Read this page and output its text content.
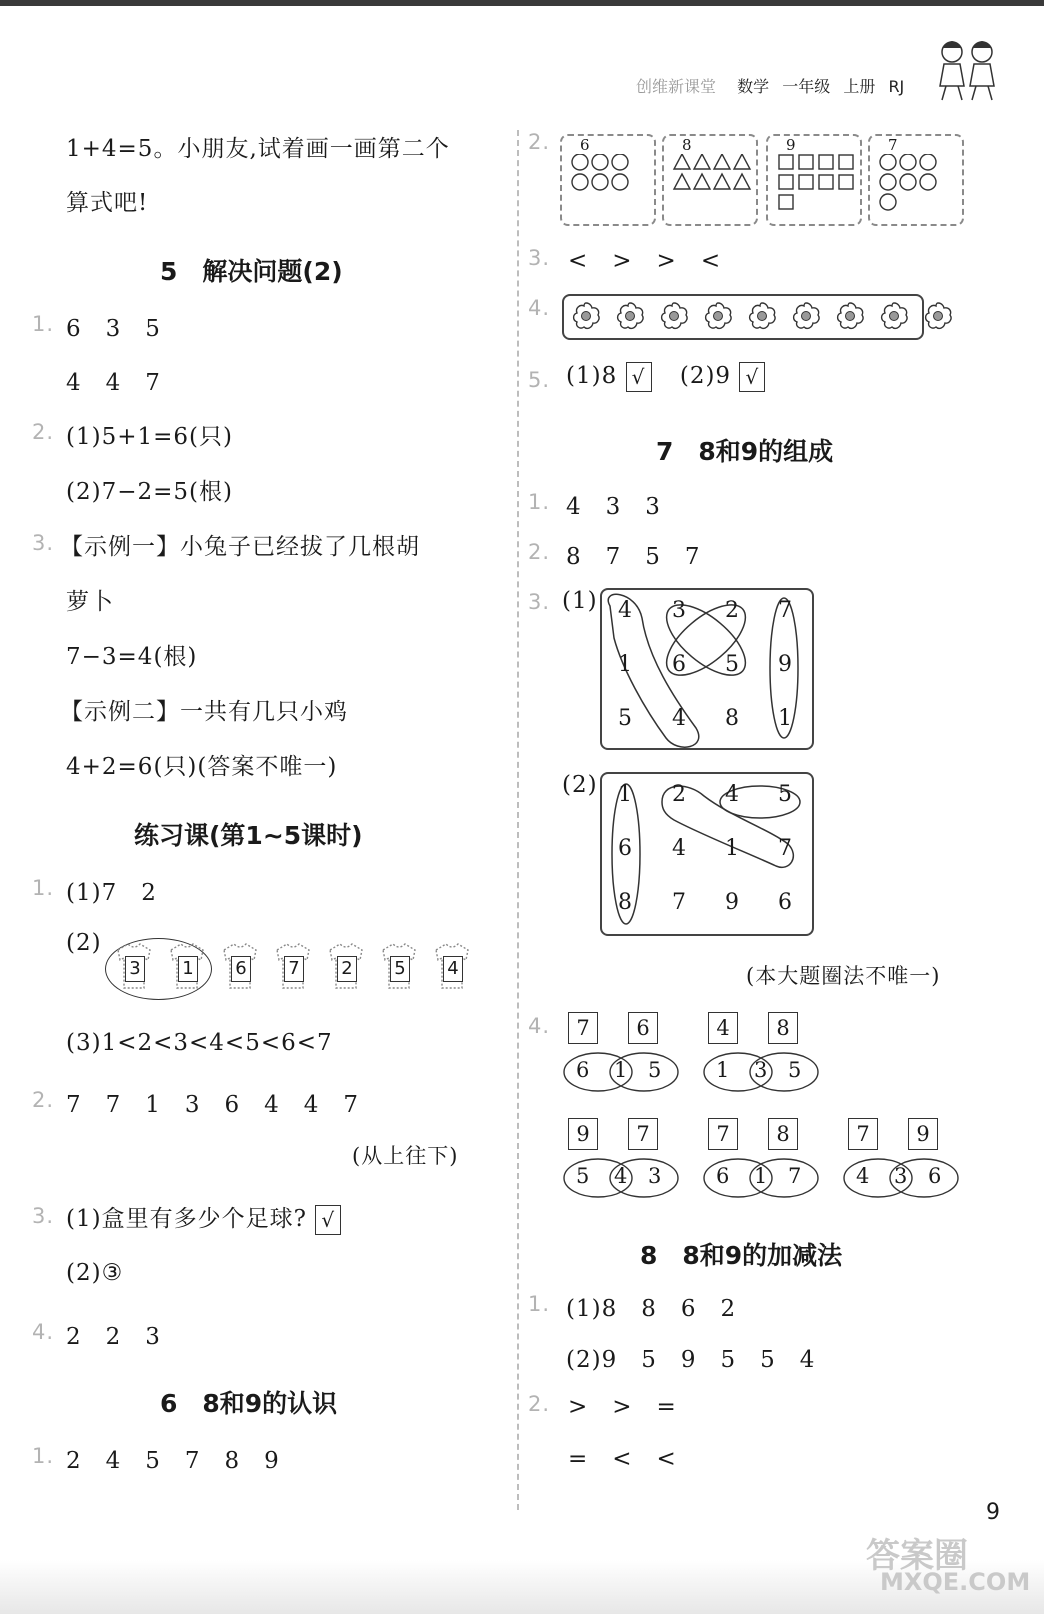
创维新课堂 数学 一年级 上册 RJ
1+4=5。小朋友,试着画一画第二个
算式吧!
5　解决问题(2)
1. 6　3　5
4　4　7
2. (1)5+1=6(只)
(2)7−2=5(根)
3. 【示例一】小兔子已经拔了几根胡
萝卜
7−3=4(根)
【示例二】一共有几只小鸡
4+2=6(只)(答案不唯一)
练习课(第1~5课时)
1. (1)7　2
(2)
3 1 6 7 2 5 4
(3)1<2<3<4<5<6<7
2. 7　7　1　3　6　4　4　7
(从上往下)
3. (1)盒里有多少个足球? √
(2)③
4. 2　2　3
6　8和9的认识
1. 2　4　5　7　8　9
2. 6	8	9	7
3. <　>　>　<
4.
5. (1)8 √ (2)9 √
7　8和9的组成
1. 4　3　3
2. 8　7　5　7
3. (1) 4 3 2 7
1 6 5 9
5 4 8 1
(2) 1 2 4 5
6 4 1 7
8 7 9 6
(本大题圈法不唯一)
4.	7	6
6 1 5
4	8
1 3 5
9	7
5 4 3
7	8
6 1 7
7	9
4 3 6
8　8和9的加减法
1. (1)8　8　6　2
(2)9　5　9　5　5　4
2. >　>　=
=　<　<
9
答案圈
MXQE.COM
